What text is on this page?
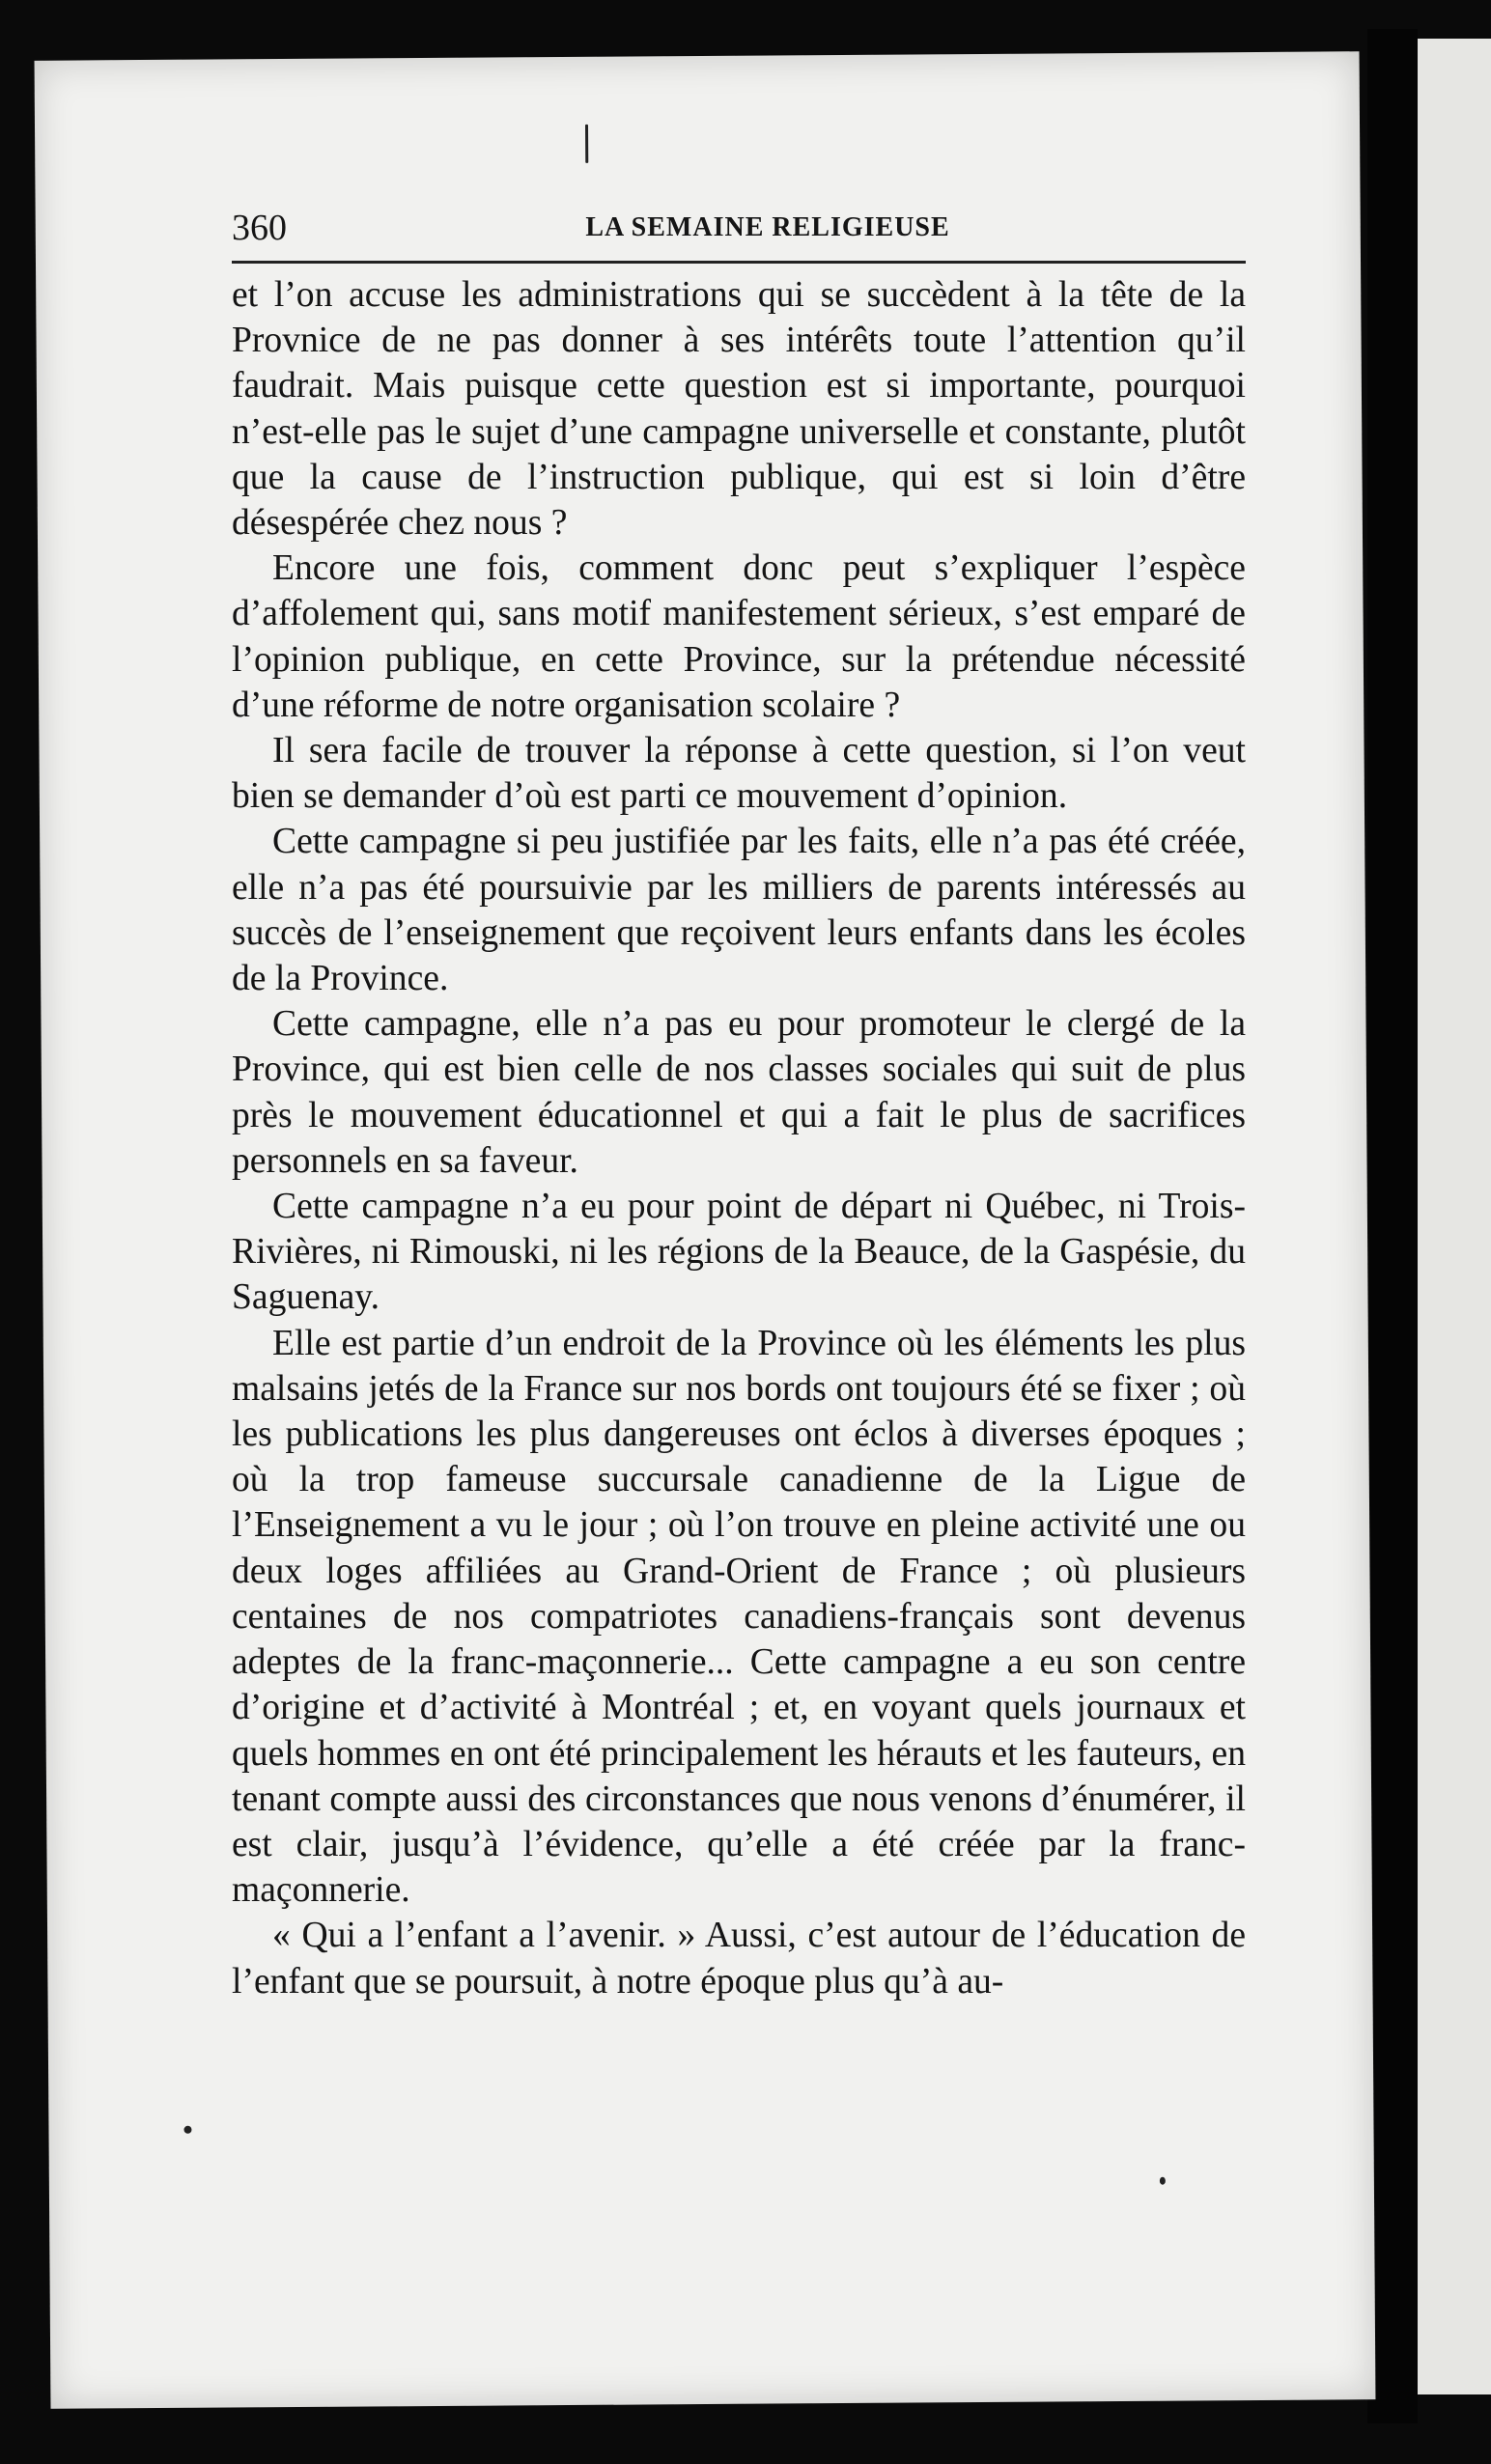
360	LA SEMAINE RELIGIEUSE

et l’on accuse les administrations qui se succèdent à la tête de la Provnice de ne pas donner à ses intérêts toute l’attention qu’il faudrait. Mais puisque cette question est si importante, pourquoi n’est-elle pas le sujet d’une campagne universelle et constante, plutôt que la cause de l’instruction publique, qui est si loin d’être désespérée chez nous ?

Encore une fois, comment donc peut s’expliquer l’espèce d’affolement qui, sans motif manifestement sérieux, s’est emparé de l’opinion publique, en cette Province, sur la prétendue nécessité d’une réforme de notre organisation scolaire ?

Il sera facile de trouver la réponse à cette question, si l’on veut bien se demander d’où est parti ce mouvement d’opinion.

Cette campagne si peu justifiée par les faits, elle n’a pas été créée, elle n’a pas été poursuivie par les milliers de parents intéressés au succès de l’enseignement que reçoivent leurs enfants dans les écoles de la Province.

Cette campagne, elle n’a pas eu pour promoteur le clergé de la Province, qui est bien celle de nos classes sociales qui suit de plus près le mouvement éducationnel et qui a fait le plus de sacrifices personnels en sa faveur.

Cette campagne n’a eu pour point de départ ni Québec, ni Trois-Rivières, ni Rimouski, ni les régions de la Beauce, de la Gaspésie, du Saguenay.

Elle est partie d’un endroit de la Province où les éléments les plus malsains jetés de la France sur nos bords ont toujours été se fixer ; où les publications les plus dangereuses ont éclos à diverses époques ; où la trop fameuse succursale canadienne de la Ligue de l’Enseignement a vu le jour ; où l’on trouve en pleine activité une ou deux loges affiliées au Grand-Orient de France ; où plusieurs centaines de nos compatriotes canadiens-français sont devenus adeptes de la franc-maçonnerie... Cette campagne a eu son centre d’origine et d’activité à Montréal ; et, en voyant quels journaux et quels hommes en ont été principalement les hérauts et les fauteurs, en tenant compte aussi des circonstances que nous venons d’énumérer, il est clair, jusqu’à l’évidence, qu’elle a été créée par la franc-maçonnerie.

« Qui a l’enfant a l’avenir. » Aussi, c’est autour de l’éducation de l’enfant que se poursuit, à notre époque plus qu’à au-
